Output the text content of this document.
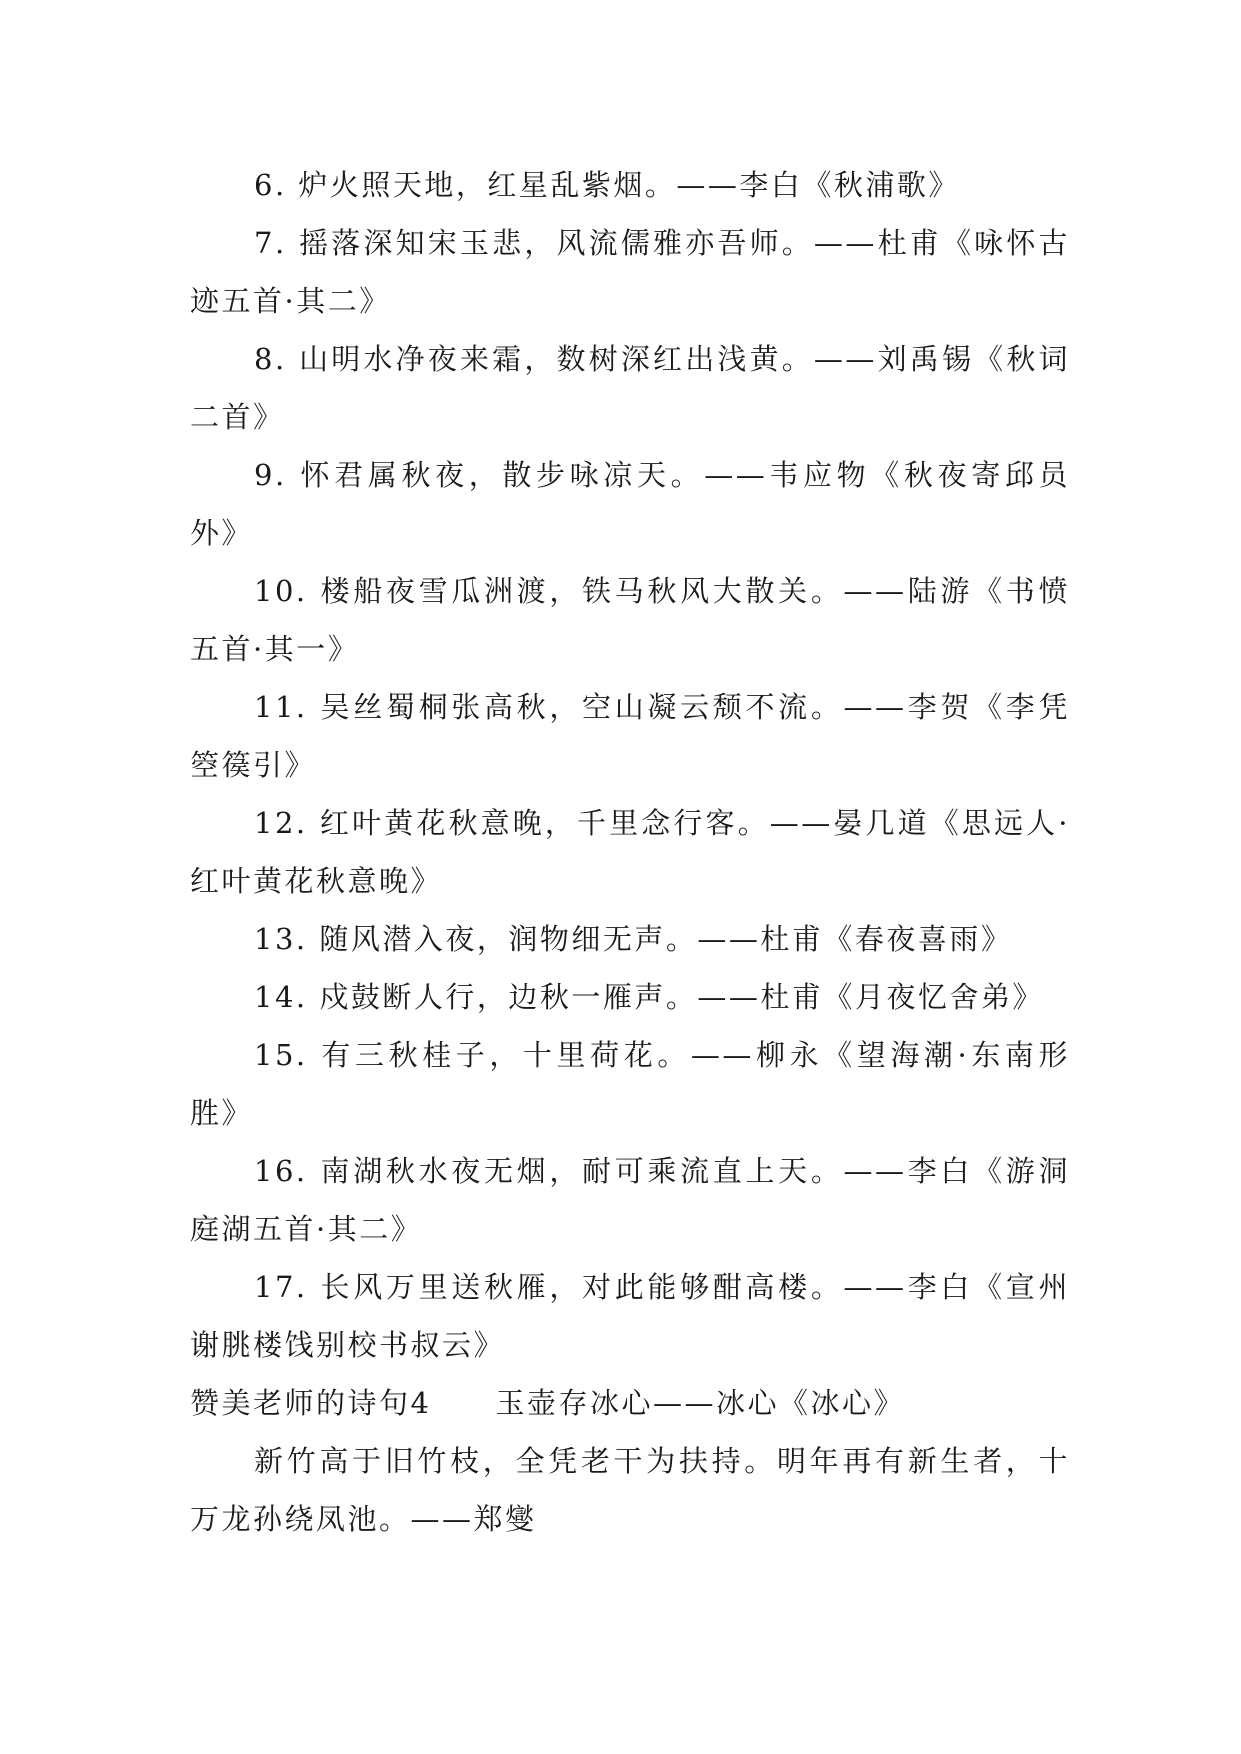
6. 炉火照天地，红星乱紫烟。——李白《秋浦歌》

7. 摇落深知宋玉悲，风流儒雅亦吾师。——杜甫《咏怀古迹五首·其二》

8. 山明水净夜来霜，数树深红出浅黄。——刘禹锡《秋词二首》

9. 怀君属秋夜，散步咏凉天。——韦应物《秋夜寄邱员外》

10. 楼船夜雪瓜洲渡，铁马秋风大散关。——陆游《书愤五首·其一》

11. 吴丝蜀桐张高秋，空山凝云颓不流。——李贺《李凭箜篌引》

12. 红叶黄花秋意晚，千里念行客。——晏几道《思远人·红叶黄花秋意晚》

13. 随风潜入夜，润物细无声。——杜甫《春夜喜雨》

14. 戍鼓断人行，边秋一雁声。——杜甫《月夜忆舍弟》

15. 有三秋桂子，十里荷花。——柳永《望海潮·东南形胜》

16. 南湖秋水夜无烟，耐可乘流直上天。——李白《游洞庭湖五首·其二》

17. 长风万里送秋雁，对此能够酣高楼。——李白《宣州谢朓楼饯别校书叔云》

赞美老师的诗句4 玉壶存冰心——冰心《冰心》

新竹高于旧竹枝，全凭老干为扶持。明年再有新生者，十万龙孙绕凤池。——郑燮
